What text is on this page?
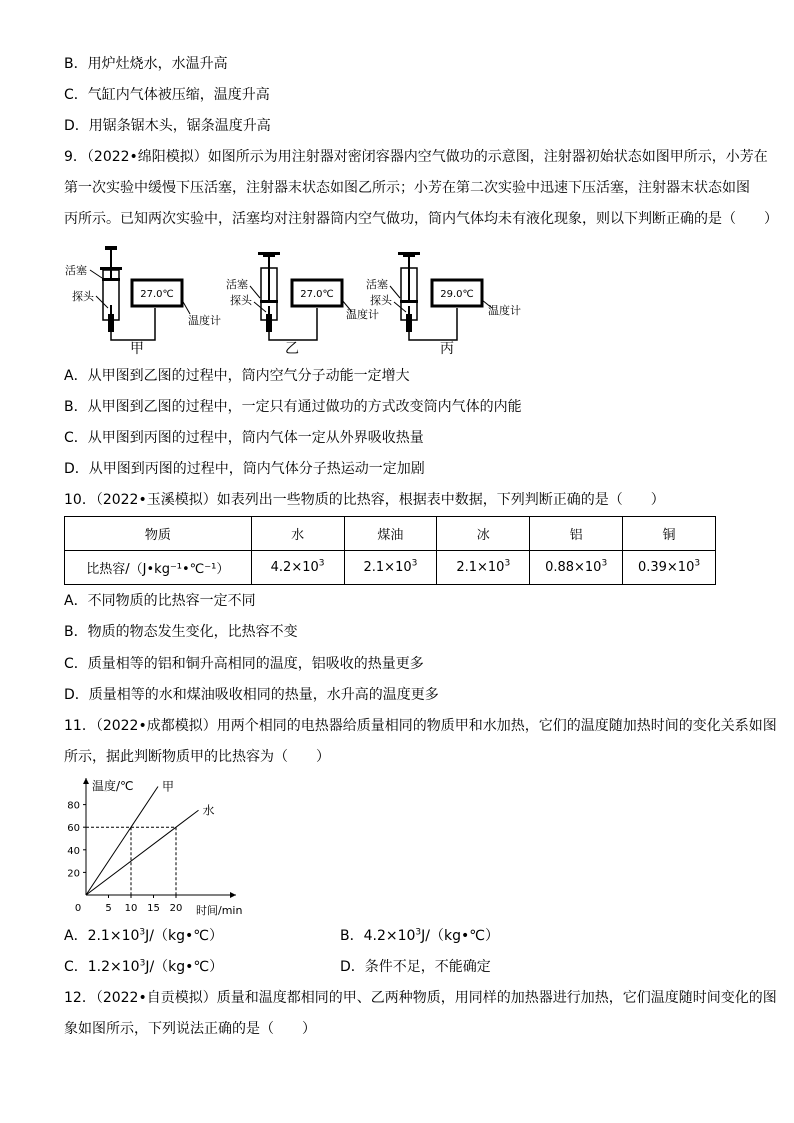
B．用炉灶烧水，水温升高
C．气缸内气体被压缩，温度升高
D．用锯条锯木头，锯条温度升高
9．（2022•绵阳模拟）如图所示为用注射器对密闭容器内空气做功的示意图，注射器初始状态如图甲所示，小芳在
第一次实验中缓慢下压活塞，注射器末状态如图乙所示；小芳在第二次实验中迅速下压活塞，注射器末状态如图
丙所示。已知两次实验中，活塞均对注射器筒内空气做功，筒内气体均未有液化现象，则以下判断正确的是（　　）
27.0℃
温度计
活塞
探头
甲
27.0℃
温度计
活塞
探头
乙
29.0℃
温度计
活塞
探头
丙
A．从甲图到乙图的过程中，筒内空气分子动能一定增大
B．从甲图到乙图的过程中，一定只有通过做功的方式改变筒内气体的内能
C．从甲图到丙图的过程中，筒内气体一定从外界吸收热量
D．从甲图到丙图的过程中，筒内气体分子热运动一定加剧
10．（2022•玉溪模拟）如表列出一些物质的比热容，根据表中数据，下列判断正确的是（　　）
物质	水	煤油	冰	铝	铜
比热容/（J•kg⁻¹•℃⁻¹）	$4.2\times 10^3$	$2.1\times 10^3$	$2.1\times 10^3$	$0.88\times 10^3$	$0.39\times 10^3$
A．不同物质的比热容一定不同
B．物质的物态发生变化，比热容不变
C．质量相等的铝和铜升高相同的温度，铝吸收的热量更多
D．质量相等的水和煤油吸收相同的热量，水升高的温度更多
11．（2022•成都模拟）用两个相同的电热器给质量相同的物质甲和水加热，它们的温度随加热时间的变化关系如图
所示，据此判断物质甲的比热容为（　　）
温度/℃
时间/min
20
40
60
80
0 5 10 15 20
甲
水
A．$2.1\times 10^3J/(kg•℃)$	B．$4.2\times 10^3J/(kg•℃)$
C．$1.2\times 10^3J/(kg•℃)$	D．条件不足，不能确定
12．（2022•自贡模拟）质量和温度都相同的甲、乙两种物质，用同样的加热器进行加热，它们温度随时间变化的图
象如图所示，下列说法正确的是（　　）
